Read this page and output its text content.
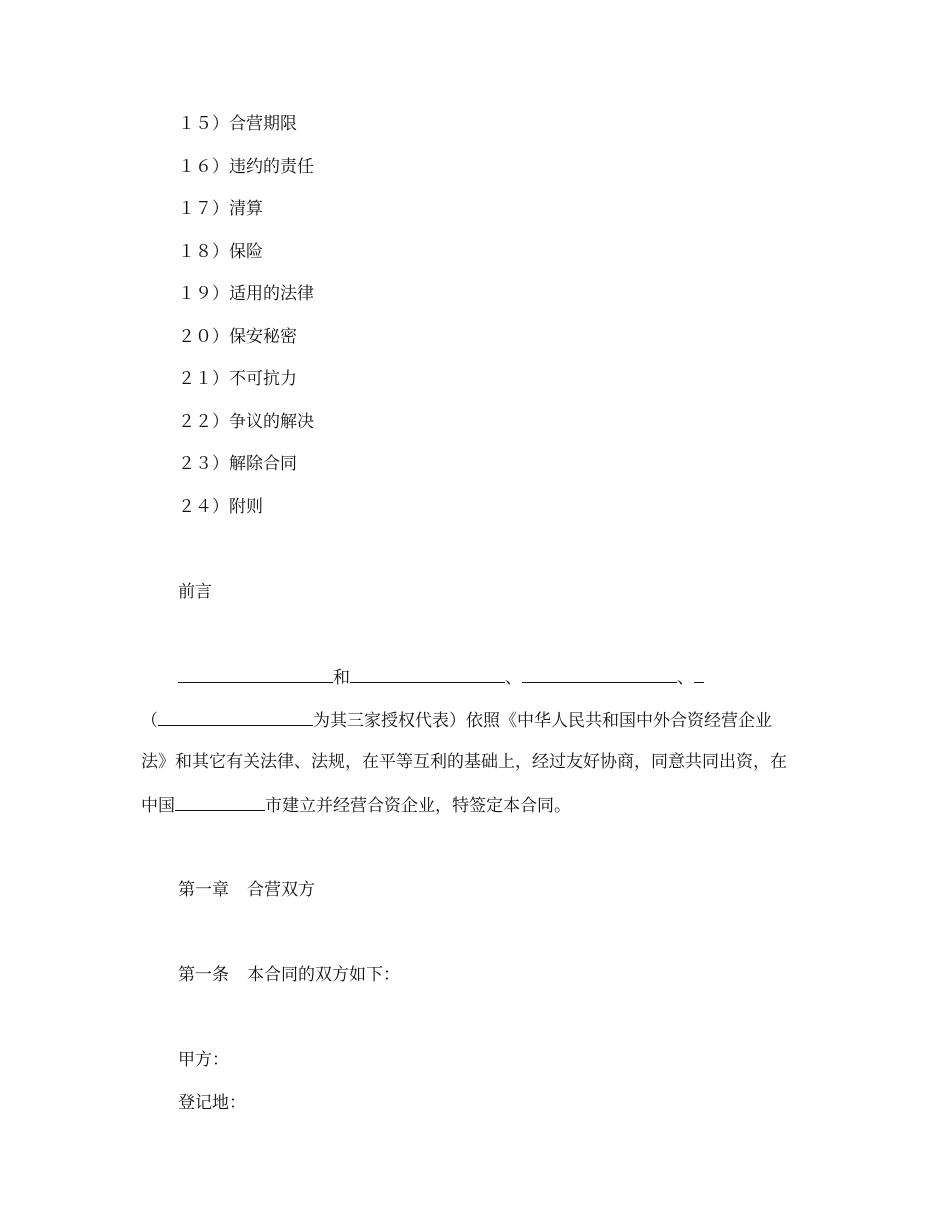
１５）合营期限
１６）违约的责任
１７）清算
１８）保险
１９）适用的法律
２０）保安秘密
２１）不可抗力
２２）争议的解决
２３）解除合同
２４）附则
前言
和	、	、
（	为其三家授权代表）依照《中华人民共和国中外合资经营企业
法》和其它有关法律、法规，在平等互利的基础上，经过友好协商，同意共同出资，在
中国	市建立并经营合资企业，特签定本合同。
第一章 合营双方
第一条 本合同的双方如下：
甲方：
登记地：
